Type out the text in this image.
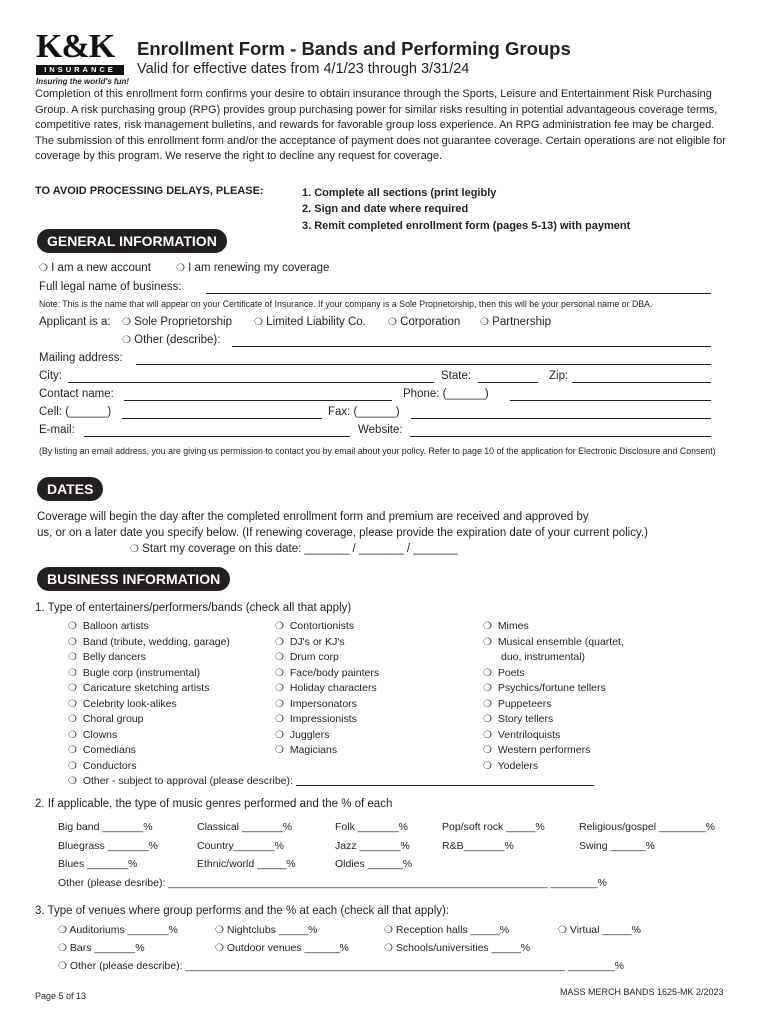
K&K
INSURANCE
Insuring the world's fun!
Enrollment Form - Bands and Performing Groups
Valid for effective dates from 4/1/23 through 3/31/24
Completion of this enrollment form confirms your desire to obtain insurance through the Sports, Leisure and Entertainment Risk Purchasing Group. A risk purchasing group (RPG) provides group purchasing power for similar risks resulting in potential advantageous coverage terms, competitive rates, risk management bulletins, and rewards for favorable group loss experience. An RPG administration fee may be charged. The submission of this enrollment form and/or the acceptance of payment does not guarantee coverage. Certain operations are not eligible for coverage by this program. We reserve the right to decline any request for coverage.
TO AVOID PROCESSING DELAYS, PLEASE:	1. Complete all sections (print legibly
2. Sign and date where required
3. Remit completed enrollment form (pages 5-13) with payment
GENERAL INFORMATION
❍ I am a new account	❍ I am renewing my coverage
Full legal name of business:
Note: This is the name that will appear on your Certificate of Insurance. If your company is a Sole Proprietorship, then this will be your personal name or DBA.
Applicant is a: ❍ Sole Proprietorship ❍ Limited Liability Co. ❍ Corporation ❍ Partnership
❍ Other (describe):
Mailing address:
City:	State:	Zip:
Contact name:	Phone: (______)
Cell: (______)	Fax: (______)
E-mail:	Website:
(By listing an email address, you are giving us permission to contact you by email about your policy. Refer to page 10 of the application for Electronic Disclosure and Consent)
DATES
Coverage will begin the day after the completed enrollment form and premium are received and approved by
us, or on a later date you specify below. (If renewing coverage, please provide the expiration date of your current policy.)
❍ Start my coverage on this date: _______ / _______ / _______
BUSINESS INFORMATION
1. Type of entertainers/performers/bands (check all that apply)
❍ Balloon artists
❍ Band (tribute, wedding, garage)
❍ Belly dancers
❍ Bugle corp (instrumental)
❍ Caricature sketching artists
❍ Celebrity look-alikes
❍ Choral group
❍ Clowns
❍ Comedians
❍ Conductors
❍ Other - subject to approval (please describe):
❍ Contortionists
❍ DJ's or KJ's
❍ Drum corp
❍ Face/body painters
❍ Holiday characters
❍ Impersonators
❍ Impressionists
❍ Jugglers
❍ Magicians
❍ Mimes
❍ Musical ensemble (quartet,
duo, instrumental)
❍ Poets
❍ Psychics/fortune tellers
❍ Puppeteers
❍ Story tellers
❍ Ventriloquists
❍ Western performers
❍ Yodelers
2. If applicable, the type of music genres performed and the % of each
Big band _______%	Classical _______%	Folk _______%	Pop/soft rock _____%	Religious/gospel ________%
Bluegrass _______%	Country_______%	Jazz _______%	R&B_______%	Swing ______%
Blues _______%	Ethnic/world _____%	Oldies ______%
Other (please desribe): _________________________________________________________________ ________%
3. Type of venues where group performs and the % at each (check all that apply):
❍ Auditoriums _______%	❍ Nightclubs _____%	❍ Reception halls _____%	❍ Virtual _____%
❍ Bars _______%	❍ Outdoor venues ______%	❍ Schools/universities _____%
❍ Other (please describe): _________________________________________________________________ ________%
Page 5 of 13	MASS MERCH BANDS 1625-MK 2/2023
